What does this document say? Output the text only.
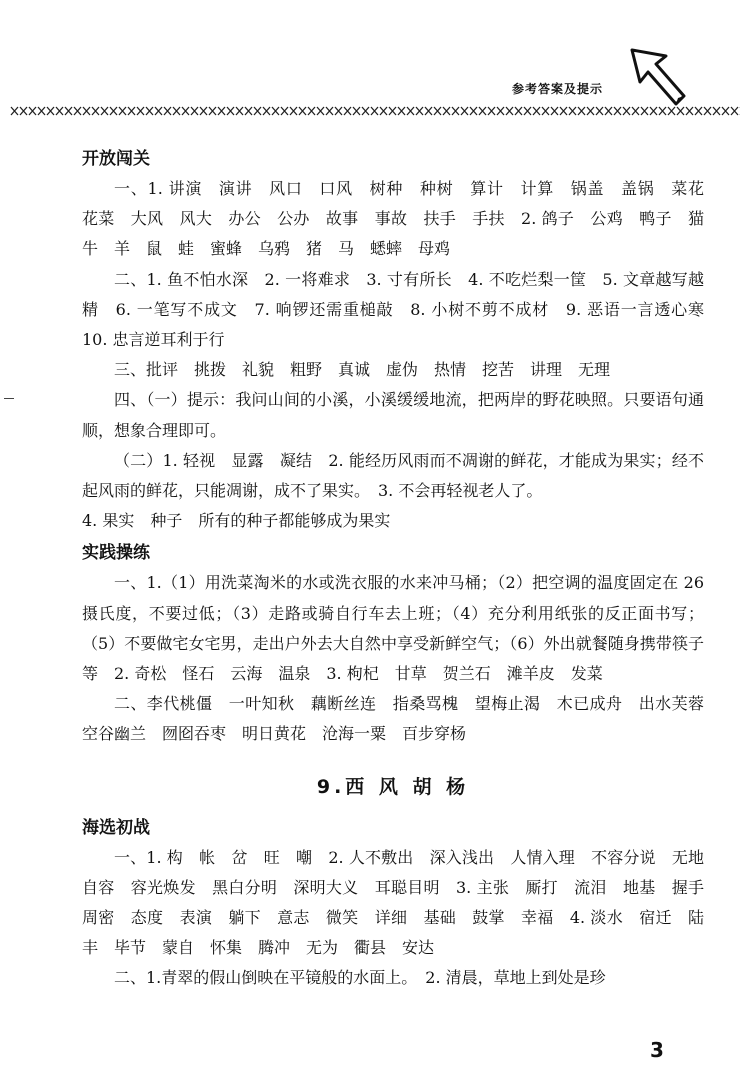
参考答案及提示
开放闯关
一、1. 讲演　演讲　风口　口风　树种　种树　算计　计算　锅盖　盖锅　菜花　花菜　大风　风大　办公　公办　故事　事故　扶手　手扶　2. 鸽子　公鸡　鸭子　猫　牛　羊　鼠　蛙　蜜蜂　乌鸦　猪　马　蟋蟀　母鸡
二、1. 鱼不怕水深　2. 一将难求　3. 寸有所长　4. 不吃烂梨一筐　5. 文章越写越精　6. 一笔写不成文　7. 响锣还需重槌敲　8. 小树不剪不成材　9. 恶语一言透心寒　10. 忠言逆耳利于行
三、批评　挑拨　礼貌　粗野　真诚　虚伪　热情　挖苦　讲理　无理
四、（一）提示：我问山间的小溪，小溪缓缓地流，把两岸的野花映照。只要语句通顺，想象合理即可。
（二）1. 轻视　显露　凝结　2. 能经历风雨而不凋谢的鲜花，才能成为果实；经不起风雨的鲜花，只能凋谢，成不了果实。　3. 不会再轻视老人了。
4. 果实　种子　所有的种子都能够成为果实
实践操练
一、1.（1）用洗菜淘米的水或洗衣服的水来冲马桶；（2）把空调的温度固定在 26 摄氏度，不要过低；（3）走路或骑自行车去上班；（4）充分利用纸张的反正面书写；（5）不要做宅女宅男，走出户外去大自然中享受新鲜空气；（6）外出就餐随身携带筷子等　2. 奇松　怪石　云海　温泉　3. 枸杞　甘草　贺兰石　滩羊皮　发菜
二、李代桃僵　一叶知秋　藕断丝连　指桑骂槐　望梅止渴　木已成舟　出水芙蓉　空谷幽兰　囫囵吞枣　明日黄花　沧海一粟　百步穿杨
9.西 风 胡 杨
海选初战
一、1. 构　帐　岔　旺　嘲　2. 人不敷出　深入浅出　人情入理　不容分说　无地自容　容光焕发　黑白分明　深明大义　耳聪目明　3. 主张　厮打　流泪　地基　握手　周密　态度　表演　躺下　意志　微笑　详细　基础　鼓掌　幸福　4. 淡水　宿迁　陆丰　毕节　蒙自　怀集　腾冲　无为　衢县　安达
二、1.青翠的假山倒映在平镜般的水面上。　2. 清晨，草地上到处是珍
3
